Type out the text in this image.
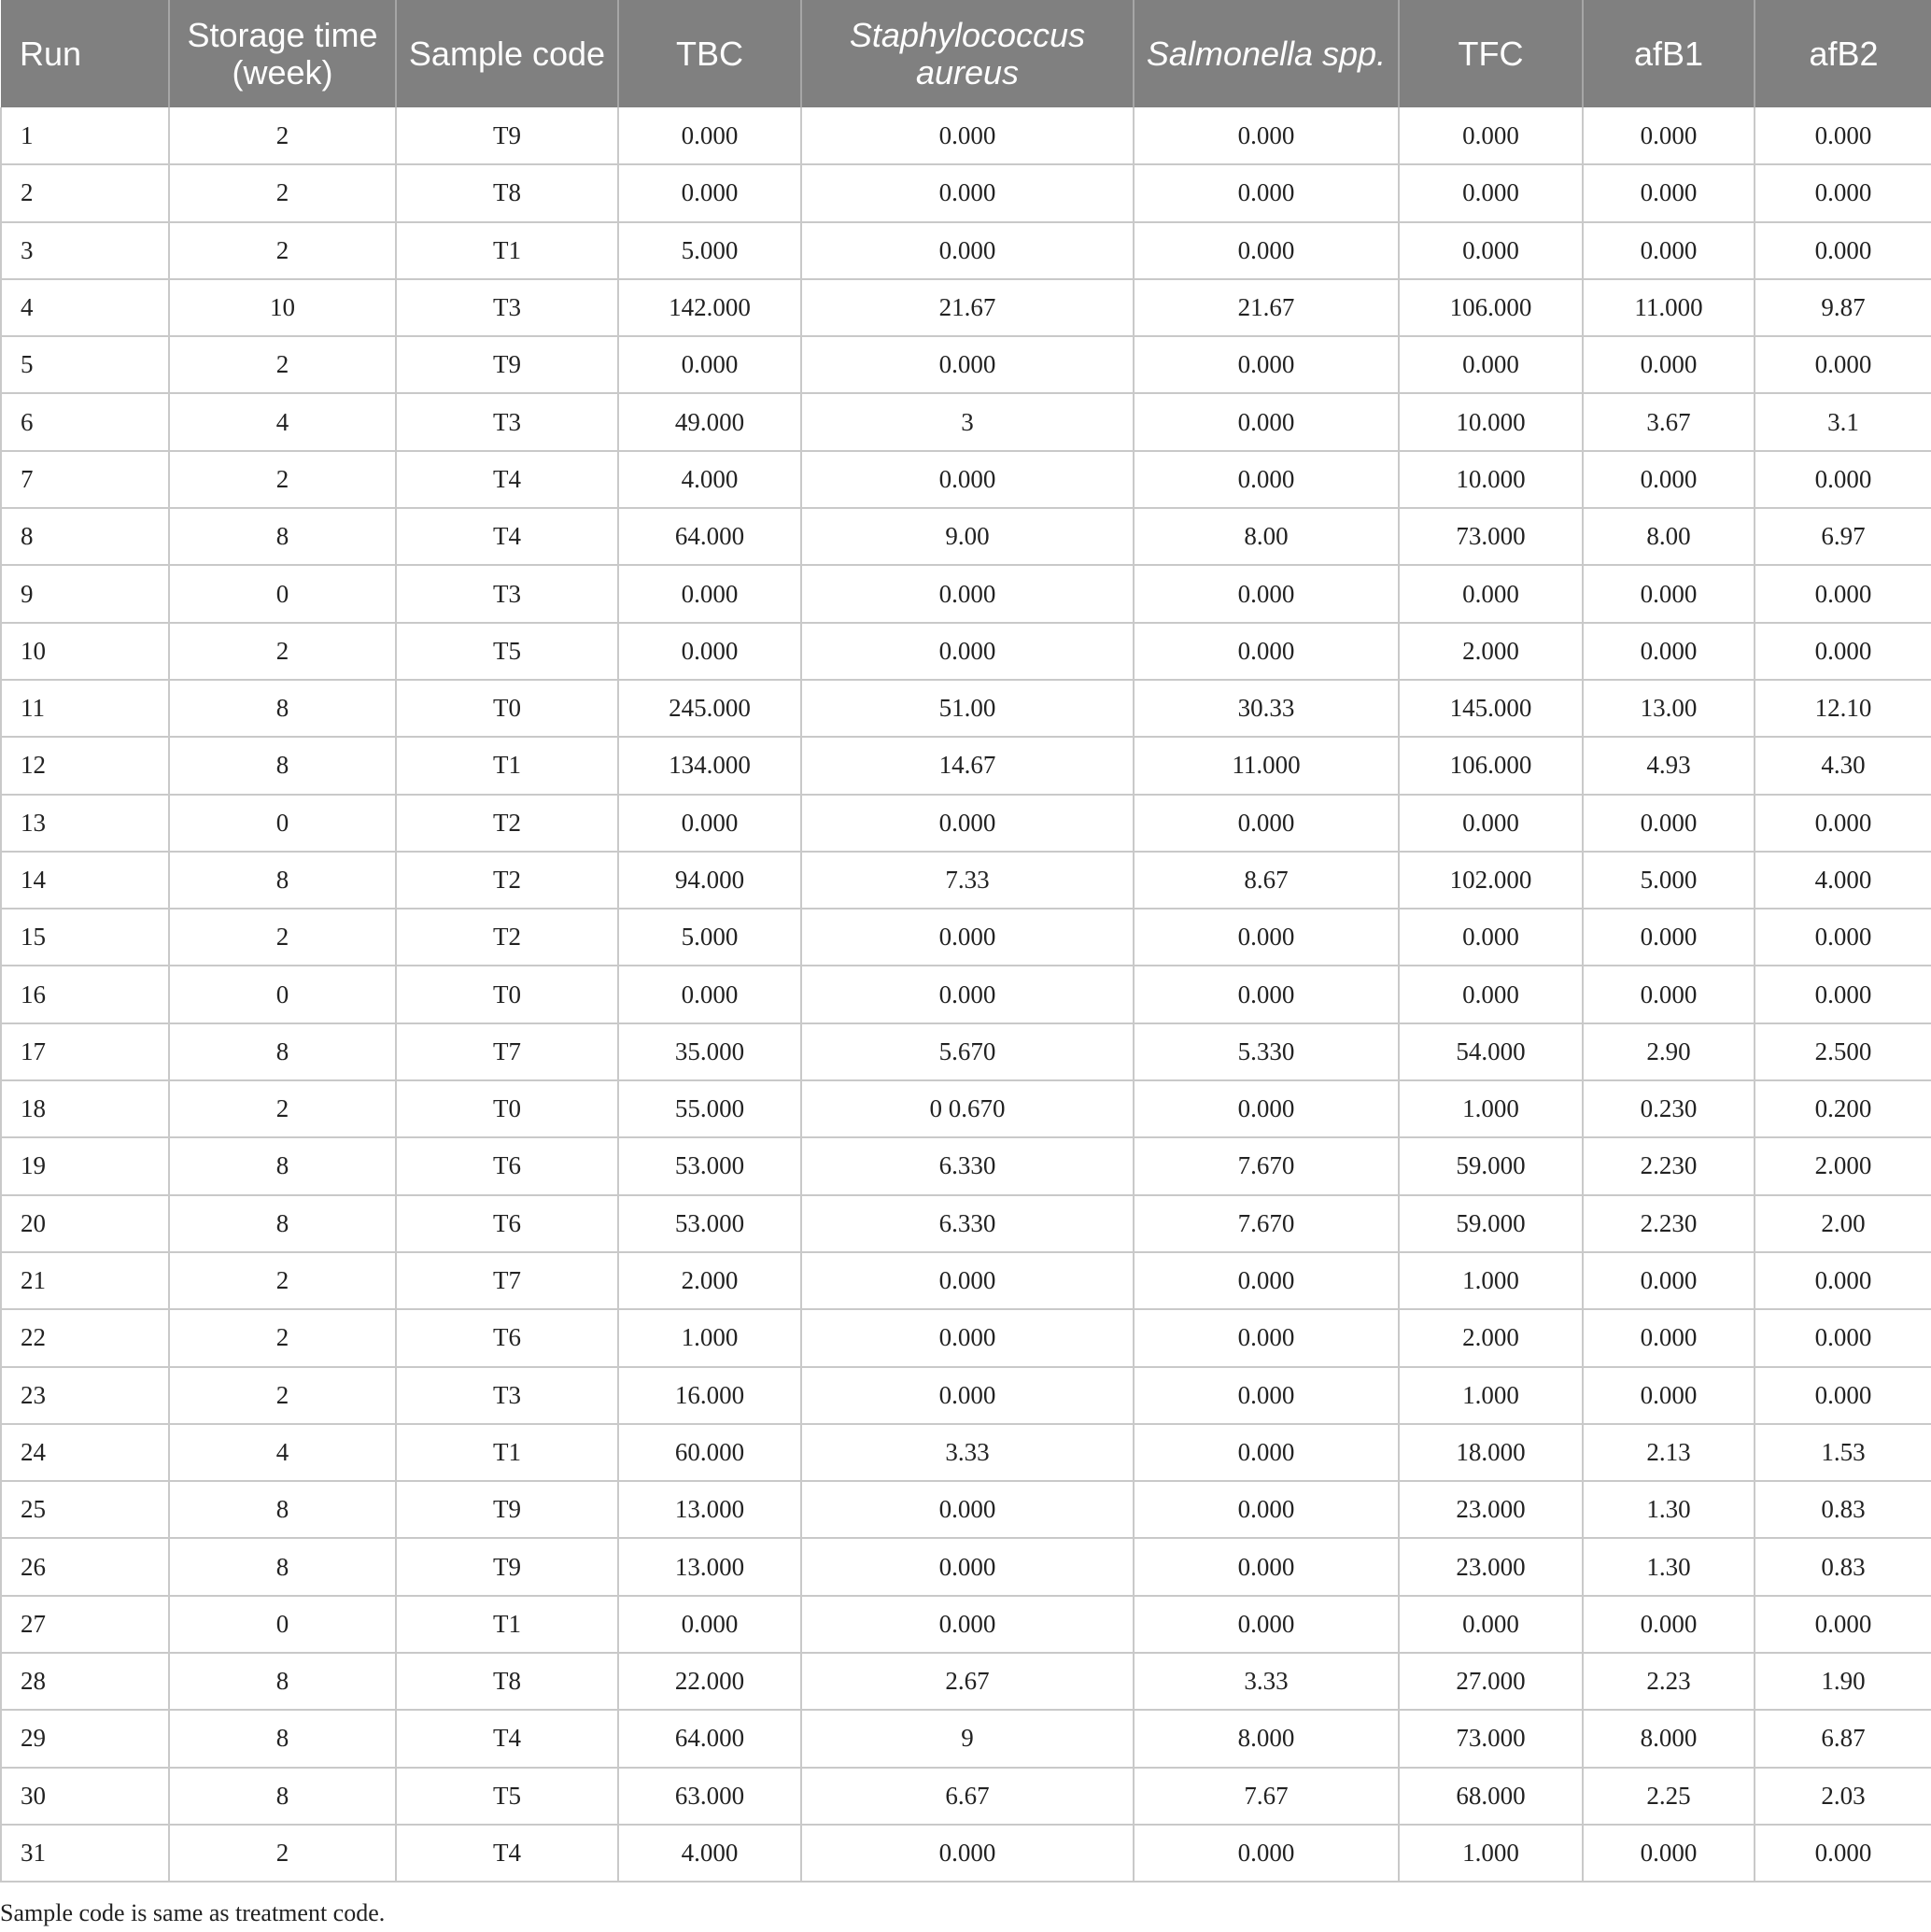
Run	Storage time (week)	Sample code	TBC	Staphylococcus aureus	Salmonella spp.	TFC	afB1	afB2
1	2	T9	0.000	0.000	0.000	0.000	0.000	0.000
2	2	T8	0.000	0.000	0.000	0.000	0.000	0.000
3	2	T1	5.000	0.000	0.000	0.000	0.000	0.000
4	10	T3	142.000	21.67	21.67	106.000	11.000	9.87
5	2	T9	0.000	0.000	0.000	0.000	0.000	0.000
6	4	T3	49.000	3	0.000	10.000	3.67	3.1
7	2	T4	4.000	0.000	0.000	10.000	0.000	0.000
8	8	T4	64.000	9.00	8.00	73.000	8.00	6.97
9	0	T3	0.000	0.000	0.000	0.000	0.000	0.000
10	2	T5	0.000	0.000	0.000	2.000	0.000	0.000
11	8	T0	245.000	51.00	30.33	145.000	13.00	12.10
12	8	T1	134.000	14.67	11.000	106.000	4.93	4.30
13	0	T2	0.000	0.000	0.000	0.000	0.000	0.000
14	8	T2	94.000	7.33	8.67	102.000	5.000	4.000
15	2	T2	5.000	0.000	0.000	0.000	0.000	0.000
16	0	T0	0.000	0.000	0.000	0.000	0.000	0.000
17	8	T7	35.000	5.670	5.330	54.000	2.90	2.500
18	2	T0	55.000	0 0.670	0.000	1.000	0.230	0.200
19	8	T6	53.000	6.330	7.670	59.000	2.230	2.000
20	8	T6	53.000	6.330	7.670	59.000	2.230	2.00
21	2	T7	2.000	0.000	0.000	1.000	0.000	0.000
22	2	T6	1.000	0.000	0.000	2.000	0.000	0.000
23	2	T3	16.000	0.000	0.000	1.000	0.000	0.000
24	4	T1	60.000	3.33	0.000	18.000	2.13	1.53
25	8	T9	13.000	0.000	0.000	23.000	1.30	0.83
26	8	T9	13.000	0.000	0.000	23.000	1.30	0.83
27	0	T1	0.000	0.000	0.000	0.000	0.000	0.000
28	8	T8	22.000	2.67	3.33	27.000	2.23	1.90
29	8	T4	64.000	9	8.000	73.000	8.000	6.87
30	8	T5	63.000	6.67	7.67	68.000	2.25	2.03
31	2	T4	4.000	0.000	0.000	1.000	0.000	0.000
Sample code is same as treatment code.
